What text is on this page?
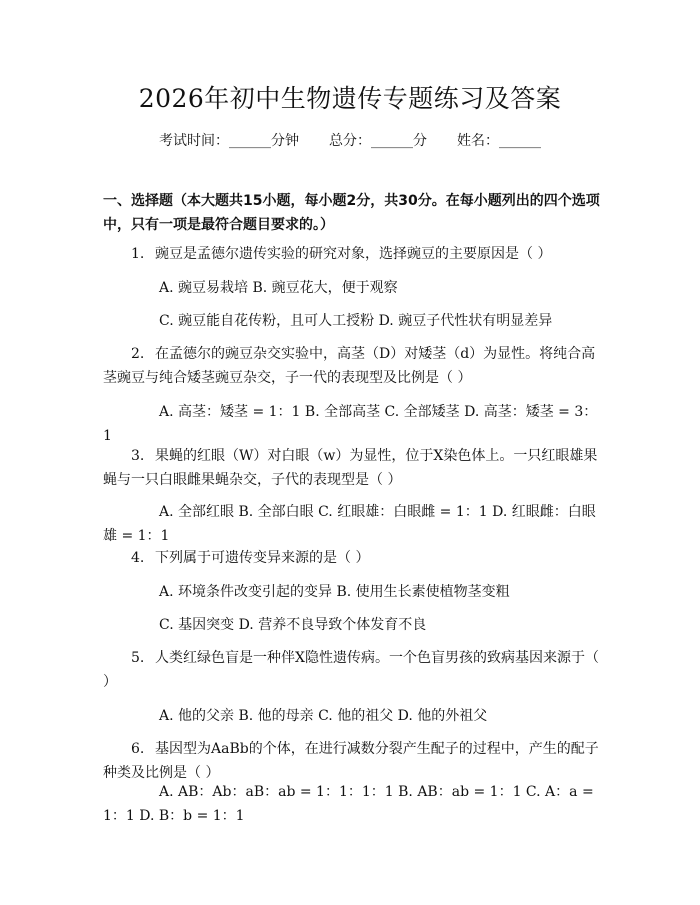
2026年初中生物遗传专题练习及答案
考试时间：______分钟 总分：______分 姓名：______
一、选择题（本大题共15小题，每小题2分，共30分。在每小题列出的四个选项中，只有一项是最符合题目要求的。）
1. 豌豆是孟德尔遗传实验的研究对象，选择豌豆的主要原因是（ ）
A. 豌豆易栽培 B. 豌豆花大，便于观察
C. 豌豆能自花传粉，且可人工授粉 D. 豌豆子代性状有明显差异
2. 在孟德尔的豌豆杂交实验中，高茎（D）对矮茎（d）为显性。将纯合高茎豌豆与纯合矮茎豌豆杂交，子一代的表现型及比例是（ ）
A. 高茎：矮茎 = 1：1 B. 全部高茎 C. 全部矮茎 D. 高茎：矮茎 = 3：1
3. 果蝇的红眼（W）对白眼（w）为显性，位于X染色体上。一只红眼雄果蝇与一只白眼雌果蝇杂交，子代的表现型是（ ）
A. 全部红眼 B. 全部白眼 C. 红眼雄：白眼雌 = 1：1 D. 红眼雌：白眼雄 = 1：1
4. 下列属于可遗传变异来源的是（ ）
A. 环境条件改变引起的变异 B. 使用生长素使植物茎变粗
C. 基因突变 D. 营养不良导致个体发育不良
5. 人类红绿色盲是一种伴X隐性遗传病。一个色盲男孩的致病基因来源于（ ）
A. 他的父亲 B. 他的母亲 C. 他的祖父 D. 他的外祖父
6. 基因型为AaBb的个体，在进行减数分裂产生配子的过程中，产生的配子种类及比例是（ ）
A. AB：Ab：aB：ab = 1：1：1：1 B. AB：ab = 1：1 C. A：a = 1：1 D. B：b = 1：1
